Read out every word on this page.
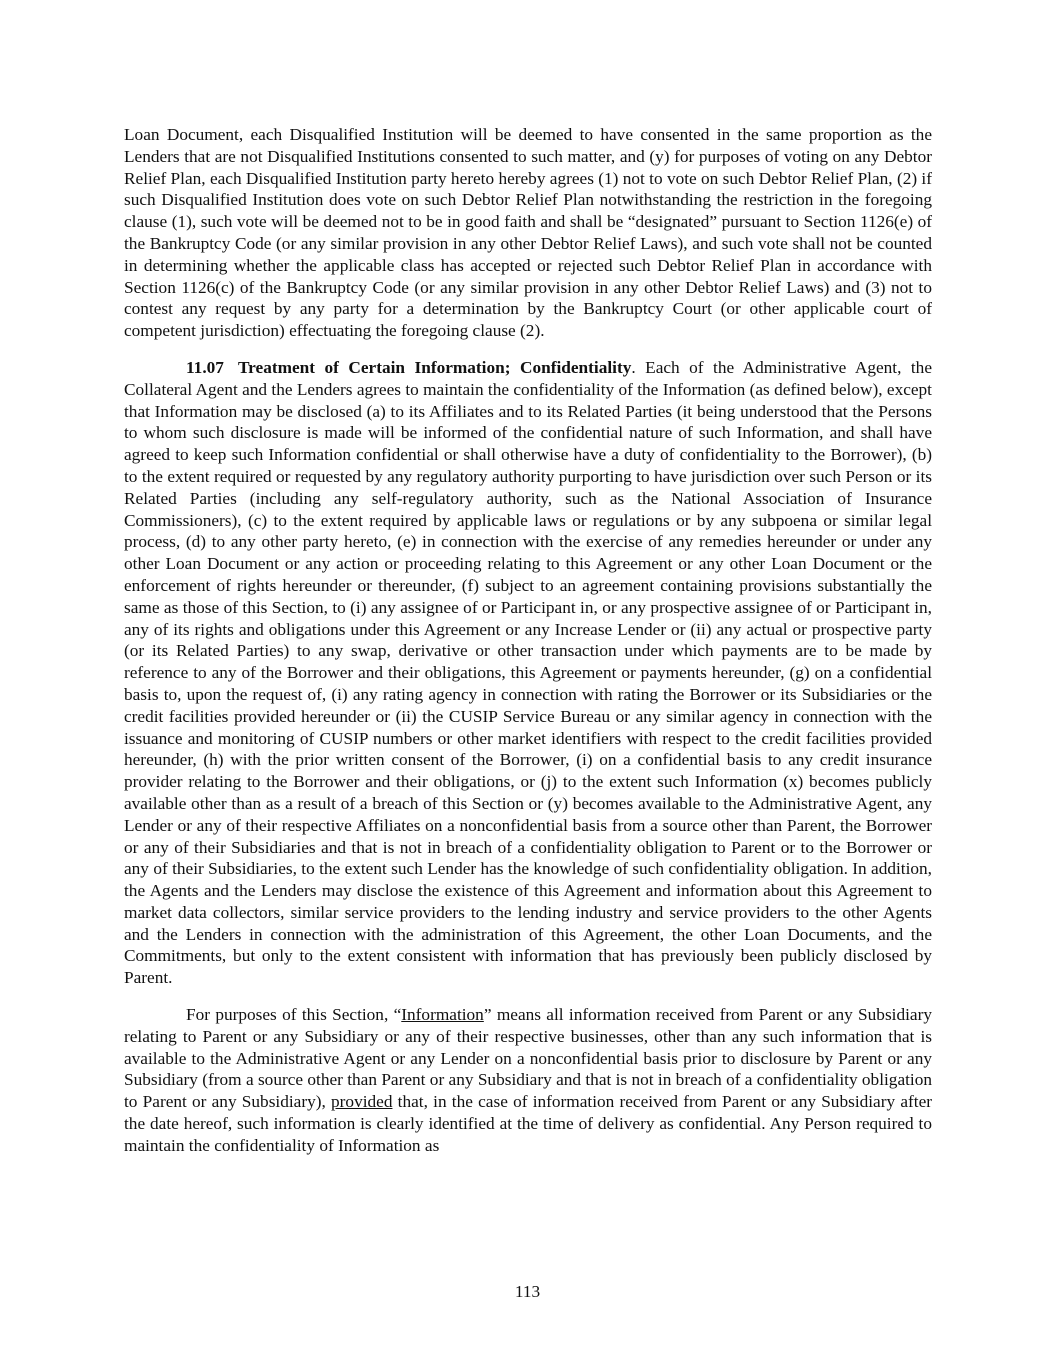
Loan Document, each Disqualified Institution will be deemed to have consented in the same proportion as the Lenders that are not Disqualified Institutions consented to such matter, and (y) for purposes of voting on any Debtor Relief Plan, each Disqualified Institution party hereto hereby agrees (1) not to vote on such Debtor Relief Plan, (2) if such Disqualified Institution does vote on such Debtor Relief Plan notwithstanding the restriction in the foregoing clause (1), such vote will be deemed not to be in good faith and shall be “designated” pursuant to Section 1126(e) of the Bankruptcy Code (or any similar provision in any other Debtor Relief Laws), and such vote shall not be counted in determining whether the applicable class has accepted or rejected such Debtor Relief Plan in accordance with Section 1126(c) of the Bankruptcy Code (or any similar provision in any other Debtor Relief Laws) and (3) not to contest any request by any party for a determination by the Bankruptcy Court (or other applicable court of competent jurisdiction) effectuating the foregoing clause (2).

11.07 Treatment of Certain Information; Confidentiality. Each of the Administrative Agent, the Collateral Agent and the Lenders agrees to maintain the confidentiality of the Information (as defined below), except that Information may be disclosed (a) to its Affiliates and to its Related Parties (it being understood that the Persons to whom such disclosure is made will be informed of the confidential nature of such Information, and shall have agreed to keep such Information confidential or shall otherwise have a duty of confidentiality to the Borrower), (b) to the extent required or requested by any regulatory authority purporting to have jurisdiction over such Person or its Related Parties (including any self-regulatory authority, such as the National Association of Insurance Commissioners), (c) to the extent required by applicable laws or regulations or by any subpoena or similar legal process, (d) to any other party hereto, (e) in connection with the exercise of any remedies hereunder or under any other Loan Document or any action or proceeding relating to this Agreement or any other Loan Document or the enforcement of rights hereunder or thereunder, (f) subject to an agreement containing provisions substantially the same as those of this Section, to (i) any assignee of or Participant in, or any prospective assignee of or Participant in, any of its rights and obligations under this Agreement or any Increase Lender or (ii) any actual or prospective party (or its Related Parties) to any swap, derivative or other transaction under which payments are to be made by reference to any of the Borrower and their obligations, this Agreement or payments hereunder, (g) on a confidential basis to, upon the request of, (i) any rating agency in connection with rating the Borrower or its Subsidiaries or the credit facilities provided hereunder or (ii) the CUSIP Service Bureau or any similar agency in connection with the issuance and monitoring of CUSIP numbers or other market identifiers with respect to the credit facilities provided hereunder, (h) with the prior written consent of the Borrower, (i) on a confidential basis to any credit insurance provider relating to the Borrower and their obligations, or (j) to the extent such Information (x) becomes publicly available other than as a result of a breach of this Section or (y) becomes available to the Administrative Agent, any Lender or any of their respective Affiliates on a nonconfidential basis from a source other than Parent, the Borrower or any of their Subsidiaries and that is not in breach of a confidentiality obligation to Parent or to the Borrower or any of their Subsidiaries, to the extent such Lender has the knowledge of such confidentiality obligation. In addition, the Agents and the Lenders may disclose the existence of this Agreement and information about this Agreement to market data collectors, similar service providers to the lending industry and service providers to the other Agents and the Lenders in connection with the administration of this Agreement, the other Loan Documents, and the Commitments, but only to the extent consistent with information that has previously been publicly disclosed by Parent.

For purposes of this Section, “Information” means all information received from Parent or any Subsidiary relating to Parent or any Subsidiary or any of their respective businesses, other than any such information that is available to the Administrative Agent or any Lender on a nonconfidential basis prior to disclosure by Parent or any Subsidiary (from a source other than Parent or any Subsidiary and that is not in breach of a confidentiality obligation to Parent or any Subsidiary), provided that, in the case of information received from Parent or any Subsidiary after the date hereof, such information is clearly identified at the time of delivery as confidential. Any Person required to maintain the confidentiality of Information as

113
